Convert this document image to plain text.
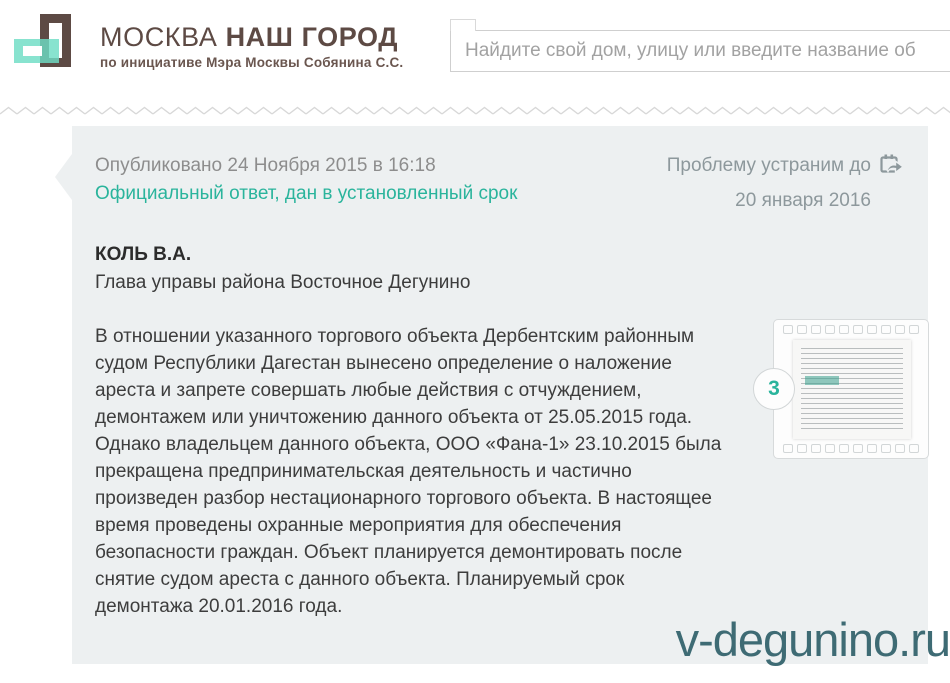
МОСКВА НАШ ГОРОД
по инициативе Мэра Москвы Собянина С.С.
Найдите свой дом, улицу или введите название об
Опубликовано 24 Ноября 2015 в 16:18
Официальный ответ, дан в установленный срок
Проблему устраним до
20 января 2016
КОЛЬ В.А.
Глава управы района Восточное Дегунино

В отношении указанного торгового объекта Дербентским районным судом Республики Дагестан вынесено определение о наложение ареста и запрете совершать любые действия с отчуждением, демонтажем или уничтожению данного объекта от 25.05.2015 года. Однако владельцем данного объекта, ООО «Фана-1» 23.10.2015 была прекращена предпринимательская деятельность и частично произведен разбор нестационарного торгового объекта. В настоящее время проведены охранные мероприятия для обеспечения безопасности граждан. Объект планируется демонтировать после снятие судом ареста с данного объекта. Планируемый срок демонтажа 20.01.2016 года.

3
v-degunino.ru
